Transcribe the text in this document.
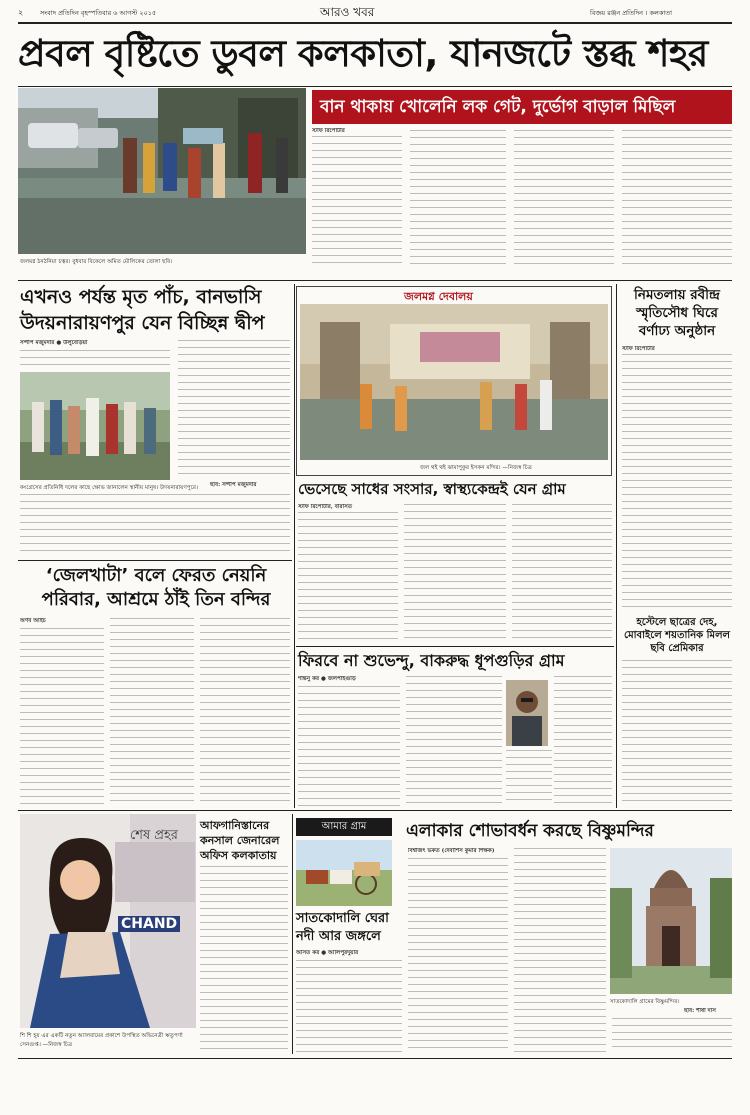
২	সংবাদ প্রতিদিন বৃহস্পতিবার ৬ আগস্ট ২০১৫	আরও খবর	বিজয় রঞ্জন প্রতিদিন । কলকাতা
প্রবল বৃষ্টিতে ডুবল কলকাতা, যানজটে স্তব্ধ শহর
জলমগ্ন ঠনঠনিয়া চত্বর। বুধবার বিকেলে অমিত মৌলিকের তোলা ছবি।
বান থাকায় খোলেনি লক গেট, দুর্ভোগ বাড়াল মিছিল
স্টাফ রিপোর্টার
এখনও পর্যন্ত মৃত পাঁচ, বানভাসি উদয়নারায়ণপুর যেন বিচ্ছিন্ন দ্বীপ
সন্দীপ মজুমদার ● উলুবেড়িয়া
কংগ্রেসের প্রতিনিধি দলের কাছে ক্ষোভ জানালেন স্থানীয় মানুষ। উদয়নারায়ণপুরে।	ছবি: সন্দীপ মজুমদার
জলমগ্ন দেবালয়
জল থই থই ঝামাপুকুর ইসকন মন্দির। —নিজস্ব চিত্র
নিমতলায় রবীন্দ্র স্মৃতিসৌধ ঘিরে বর্ণাঢ্য অনুষ্ঠান
স্টাফ রিপোর্টার
হস্টেলে ছাত্রের দেহ, মোবাইলে শয়তানিক মিলল ছবি প্রেমিকার
ভেসেছে সাধের সংসার, স্বাস্থ্যকেন্দ্রই যেন গ্রাম
স্টাফ রিপোর্টার, বারাসত
‘জেলখাটা’ বলে ফেরত নেয়নি পরিবার, আশ্রমে ঠাঁই তিন বন্দির
অর্ণব আইচ
ফিরবে না শুভেন্দু, বাকরুদ্ধ ধূপগুড়ির গ্রাম
শান্তনু কর ● জলপাইগুড়ি
CHAND
শেষ প্রহর
শি শি হ্য় এর একটি নতুন অ্যালবামের প্রকাশে উপস্থিত অভিনেত্রী ঋতুপর্ণা সেনগুপ্ত। —নিজস্ব চিত্র
আফগানিস্তানের কনসাল জেনারেল অফিস কলকাতায়
আমার গ্রাম
সাতকোদালি ঘেরা নদী আর জঙ্গলে
অসিত কর ● আলিপুরদুয়ার
এলাকার শোভাবর্ধন করছে বিষ্ণুমন্দির
বিশ্বজিৎ ভকত (দেবাশিস কুমার শিক্ষক)
সাতকোদালি গ্রামের বিষ্ণুমন্দির।
ছবি: শীর্ষা দাস
